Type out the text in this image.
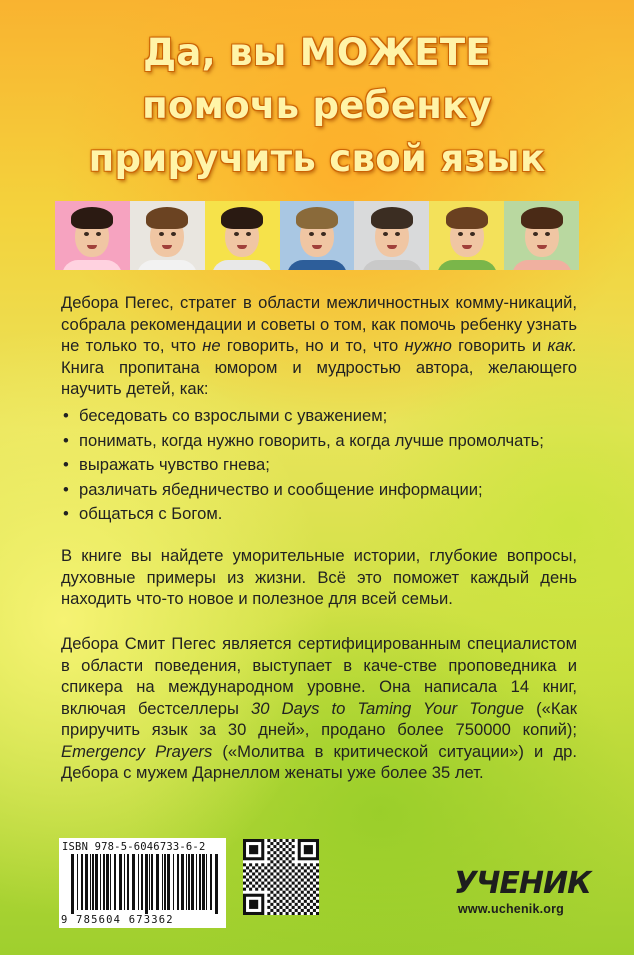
Да, вы МОЖЕТЕ
помочь ребенку
приручить свой язык
Дебора Пегес, стратег в области межличностных комму-никаций, собрала рекомендации и советы о том, как помочь ребенку узнать не только то, что не говорить, но и то, что нужно говорить и как. Книга пропитана юмором и мудростью автора, желающего научить детей, как:
• беседовать со взрослыми с уважением;
• понимать, когда нужно говорить, а когда лучше промолчать;
• выражать чувство гнева;
• различать ябедничество и сообщение информации;
• общаться с Богом.
В книге вы найдете уморительные истории, глубокие вопросы, духовные примеры из жизни. Всё это поможет каждый день находить что-то новое и полезное для всей семьи.
Дебора Смит Пегес является сертифицированным специалистом в области поведения, выступает в каче-стве проповедника и спикера на международном уровне. Она написала 14 книг, включая бестселлеры 30 Days to Taming Your Tongue («Как приручить язык за 30 дней», продано более 750000 копий); Emergency Prayers («Молитва в критической ситуации») и др. Дебора с мужем Дарнеллом женаты уже более 35 лет.
ISBN 978-5-6046733-6-2
9 785604 673362
УЧЕНИК
www.uchenik.org
